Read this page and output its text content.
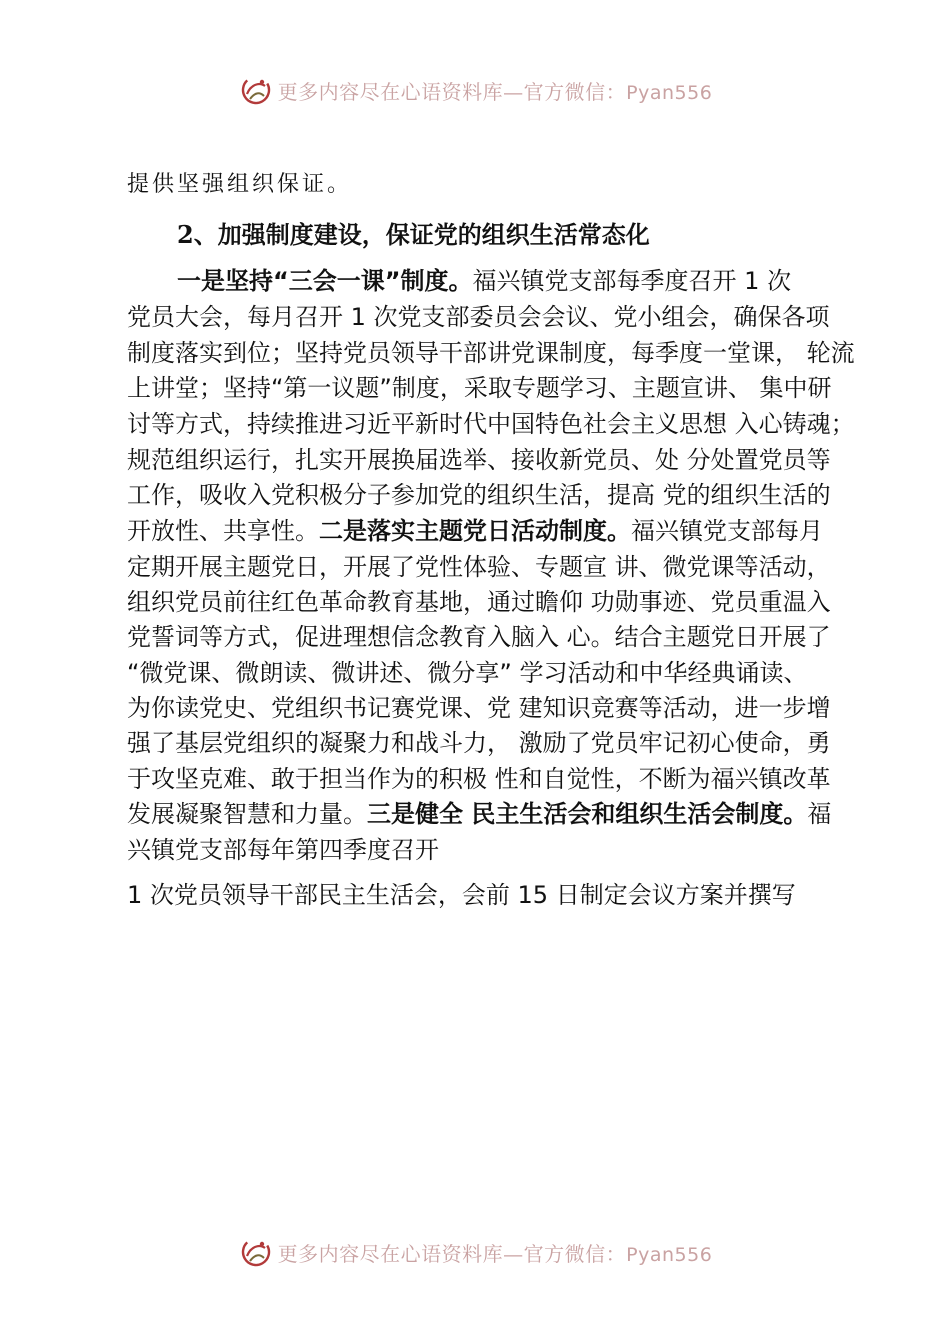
更多内容尽在心语资料库—官方微信：Pyan556
提供坚强组织保证。
2、加强制度建设，保证党的组织生活常态化
一是坚持“三会一课”制度。福兴镇党支部每季度召开 1 次
党员大会，每月召开 1 次党支部委员会会议、党小组会，确保各项
制度落实到位；坚持党员领导干部讲党课制度，每季度一堂课， 轮流
上讲堂；坚持“第一议题”制度，采取专题学习、主题宣讲、 集中研
讨等方式，持续推进习近平新时代中国特色社会主义思想 入心铸魂；
规范组织运行，扎实开展换届选举、接收新党员、处 分处置党员等
工作，吸收入党积极分子参加党的组织生活，提高 党的组织生活的
开放性、共享性。二是落实主题党日活动制度。福兴镇党支部每月
定期开展主题党日，开展了党性体验、专题宣 讲、微党课等活动，
组织党员前往红色革命教育基地，通过瞻仰 功勋事迹、党员重温入
党誓词等方式，促进理想信念教育入脑入 心。结合主题党日开展了
“微党课、微朗读、微讲述、微分享” 学习活动和中华经典诵读、
为你读党史、党组织书记赛党课、党 建知识竞赛等活动，进一步增
强了基层党组织的凝聚力和战斗力， 激励了党员牢记初心使命，勇
于攻坚克难、敢于担当作为的积极 性和自觉性，不断为福兴镇改革
发展凝聚智慧和力量。三是健全 民主生活会和组织生活会制度。福
兴镇党支部每年第四季度召开
1 次党员领导干部民主生活会，会前 15 日制定会议方案并撰写
更多内容尽在心语资料库—官方微信：Pyan556
